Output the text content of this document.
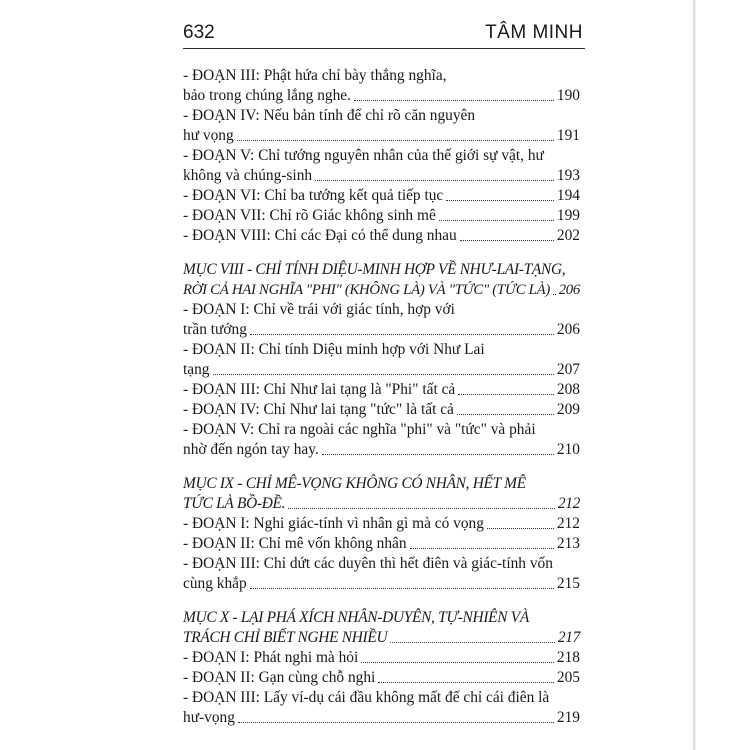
632	TÂM MINH
- ĐOẠN III: Phật hứa chỉ bày thắng nghĩa,
bảo trong chúng lắng nghe.	190
- ĐOẠN IV: Nếu bản tính để chỉ rõ căn nguyên
hư vọng	191
- ĐOẠN V: Chỉ tướng nguyên nhân của thế giới sự vật, hư
không và chúng-sinh	193
- ĐOẠN VI: Chỉ ba tướng kết quả tiếp tục	194
- ĐOẠN VII: Chỉ rõ Giác không sinh mê	199
- ĐOẠN VIII: Chỉ các Đại có thể dung nhau	202
MỤC VIII - CHỈ TÍNH DIỆU-MINH HỢP VỀ NHƯ-LAI-TẠNG,
RỜI CẢ HAI NGHĨA "PHI" (KHÔNG LÀ) VÀ "TỨC" (TỨC LÀ) 206
- ĐOẠN I: Chỉ về trái với giác tính, hợp với
trần tướng	206
- ĐOẠN II: Chỉ tính Diệu minh hợp với Như Lai
tạng	207
- ĐOẠN III: Chỉ Như lai tạng là "Phi" tất cả	208
- ĐOẠN IV: Chỉ Như lai tạng "tức" là tất cả	209
- ĐOẠN V: Chỉ ra ngoài các nghĩa "phi" và "tức" và phải
nhờ đến ngón tay hay.	210
MỤC IX - CHỈ MÊ-VỌNG KHÔNG CÓ NHÂN, HẾT MÊ
TỨC LÀ BỒ-ĐỀ.	212
- ĐOẠN I: Nghi giác-tính vì nhân gì mà có vọng	212
- ĐOẠN II: Chỉ mê vốn không nhân	213
- ĐOẠN III: Chỉ dứt các duyên thì hết điên và giác-tính vốn
cùng khắp	215
MỤC X - LẠI PHÁ XÍCH NHÂN-DUYÊN, TỰ-NHIÊN VÀ
TRÁCH CHỈ BIẾT NGHE NHIỀU	217
- ĐOẠN I: Phát nghi mà hỏi	218
- ĐOẠN II: Gạn cùng chỗ nghi	205
- ĐOẠN III: Lấy ví-dụ cái đầu không mất để chỉ cái điên là
hư-vọng	219
